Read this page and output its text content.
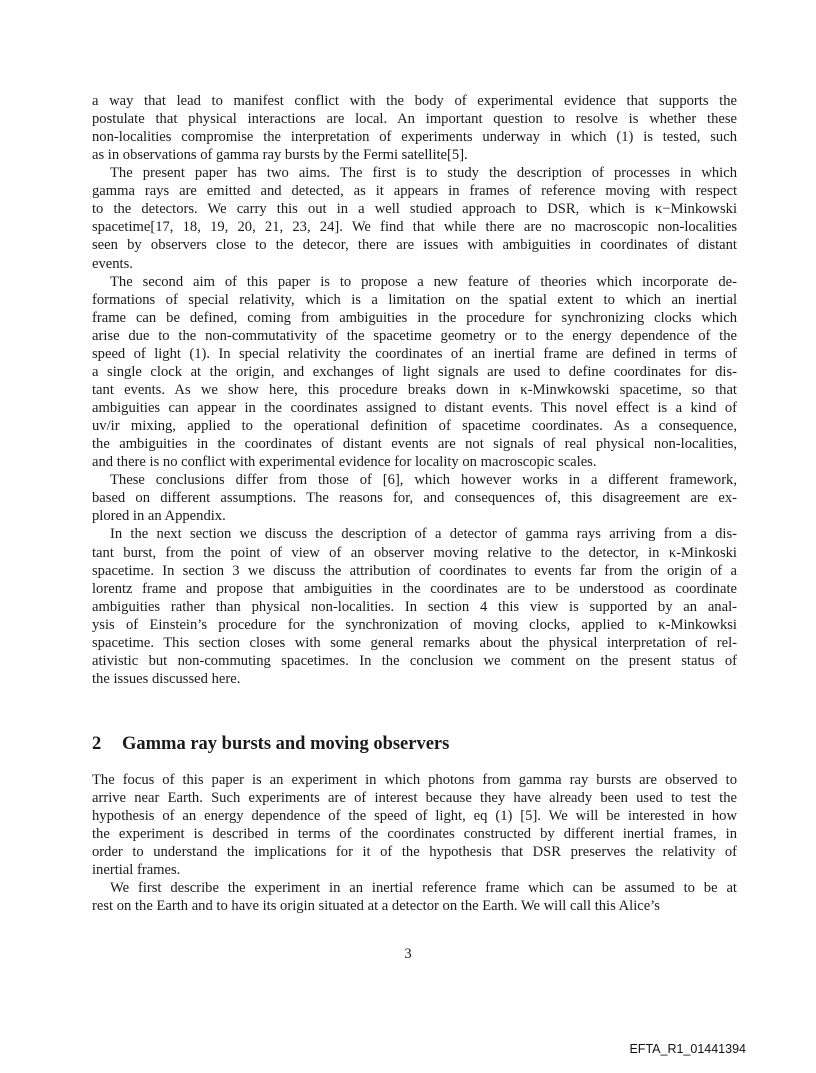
a way that lead to manifest conflict with the body of experimental evidence that supports the
postulate that physical interactions are local. An important question to resolve is whether these
non-localities compromise the interpretation of experiments underway in which (1) is tested, such
as in observations of gamma ray bursts by the Fermi satellite[5].
The present paper has two aims. The first is to study the description of processes in which
gamma rays are emitted and detected, as it appears in frames of reference moving with respect
to the detectors. We carry this out in a well studied approach to DSR, which is κ−Minkowski
spacetime[17, 18, 19, 20, 21, 23, 24]. We find that while there are no macroscopic non-localities
seen by observers close to the detecor, there are issues with ambiguities in coordinates of distant
events.
The second aim of this paper is to propose a new feature of theories which incorporate de-
formations of special relativity, which is a limitation on the spatial extent to which an inertial
frame can be defined, coming from ambiguities in the procedure for synchronizing clocks which
arise due to the non-commutativity of the spacetime geometry or to the energy dependence of the
speed of light (1). In special relativity the coordinates of an inertial frame are defined in terms of
a single clock at the origin, and exchanges of light signals are used to define coordinates for dis-
tant events. As we show here, this procedure breaks down in κ-Minwkowski spacetime, so that
ambiguities can appear in the coordinates assigned to distant events. This novel effect is a kind of
uv/ir mixing, applied to the operational definition of spacetime coordinates. As a consequence,
the ambiguities in the coordinates of distant events are not signals of real physical non-localities,
and there is no conflict with experimental evidence for locality on macroscopic scales.
These conclusions differ from those of [6], which however works in a different framework,
based on different assumptions. The reasons for, and consequences of, this disagreement are ex-
plored in an Appendix.
In the next section we discuss the description of a detector of gamma rays arriving from a dis-
tant burst, from the point of view of an observer moving relative to the detector, in κ-Minkoski
spacetime. In section 3 we discuss the attribution of coordinates to events far from the origin of a
lorentz frame and propose that ambiguities in the coordinates are to be understood as coordinate
ambiguities rather than physical non-localities. In section 4 this view is supported by an anal-
ysis of Einstein’s procedure for the synchronization of moving clocks, applied to κ-Minkowksi
spacetime. This section closes with some general remarks about the physical interpretation of rel-
ativistic but non-commuting spacetimes. In the conclusion we comment on the present status of
the issues discussed here.
2 Gamma ray bursts and moving observers
The focus of this paper is an experiment in which photons from gamma ray bursts are observed to
arrive near Earth. Such experiments are of interest because they have already been used to test the
hypothesis of an energy dependence of the speed of light, eq (1) [5]. We will be interested in how
the experiment is described in terms of the coordinates constructed by different inertial frames, in
order to understand the implications for it of the hypothesis that DSR preserves the relativity of
inertial frames.
We first describe the experiment in an inertial reference frame which can be assumed to be at
rest on the Earth and to have its origin situated at a detector on the Earth. We will call this Alice’s
3
EFTA_R1_01441394
